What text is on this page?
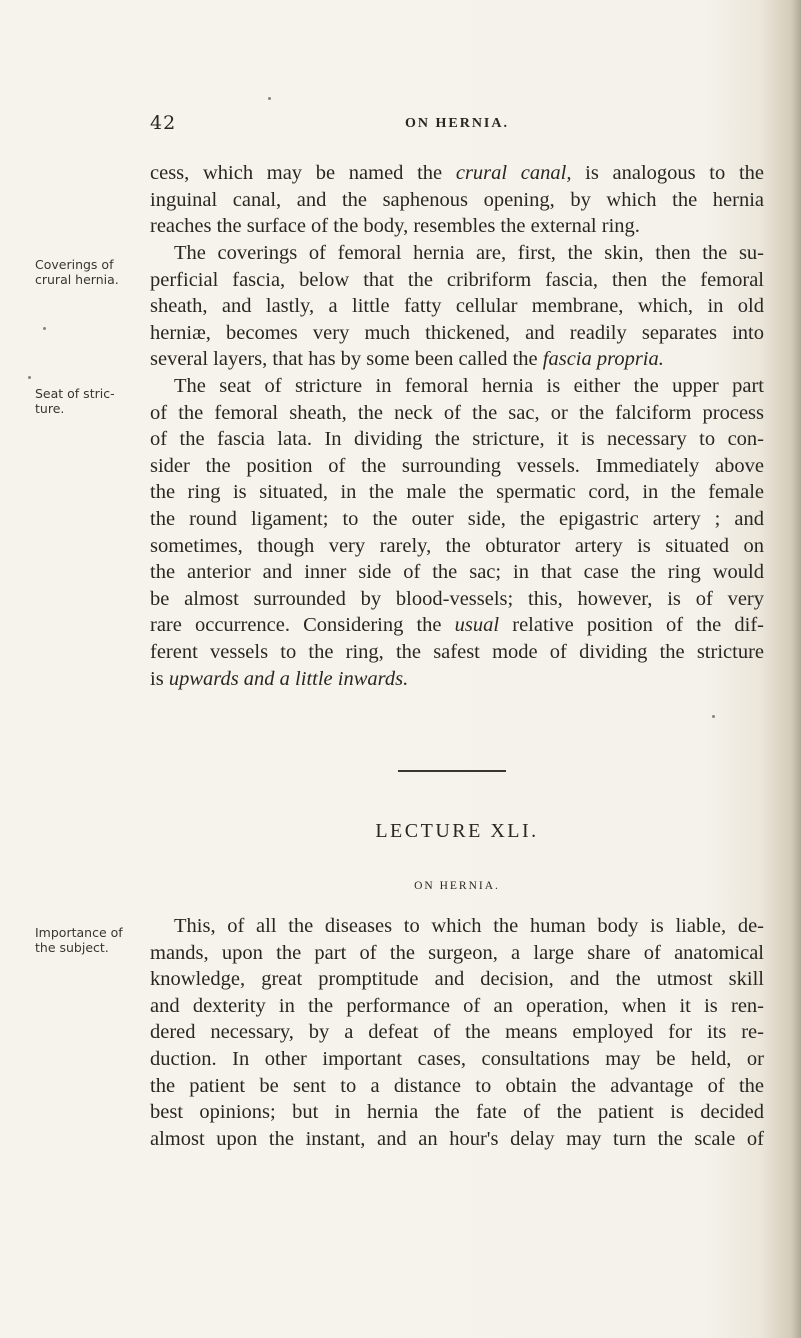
42	ON HERNIA.
cess, which may be named the crural canal, is analogous to the
inguinal canal, and the saphenous opening, by which the hernia
reaches the surface of the body, resembles the external ring.
The coverings of femoral hernia are, first, the skin, then the su-
perficial fascia, below that the cribriform fascia, then the femoral
sheath, and lastly, a little fatty cellular membrane, which, in old
herniæ, becomes very much thickened, and readily separates into
several layers, that has by some been called the fascia propria.
The seat of stricture in femoral hernia is either the upper part
of the femoral sheath, the neck of the sac, or the falciform process
of the fascia lata. In dividing the stricture, it is necessary to con-
sider the position of the surrounding vessels. Immediately above
the ring is situated, in the male the spermatic cord, in the female
the round ligament; to the outer side, the epigastric artery ; and
sometimes, though very rarely, the obturator artery is situated on
the anterior and inner side of the sac; in that case the ring would
be almost surrounded by blood-vessels; this, however, is of very
rare occurrence. Considering the usual relative position of the dif-
ferent vessels to the ring, the safest mode of dividing the stricture
is upwards and a little inwards.
LECTURE XLI.
ON HERNIA.
This, of all the diseases to which the human body is liable, de-
mands, upon the part of the surgeon, a large share of anatomical
knowledge, great promptitude and decision, and the utmost skill
and dexterity in the performance of an operation, when it is ren-
dered necessary, by a defeat of the means employed for its re-
duction. In other important cases, consultations may be held, or
the patient be sent to a distance to obtain the advantage of the
best opinions; but in hernia the fate of the patient is decided
almost upon the instant, and an hour's delay may turn the scale of
Coverings of crural hernia.
Seat of stric- ture.
Importance of the subject.
